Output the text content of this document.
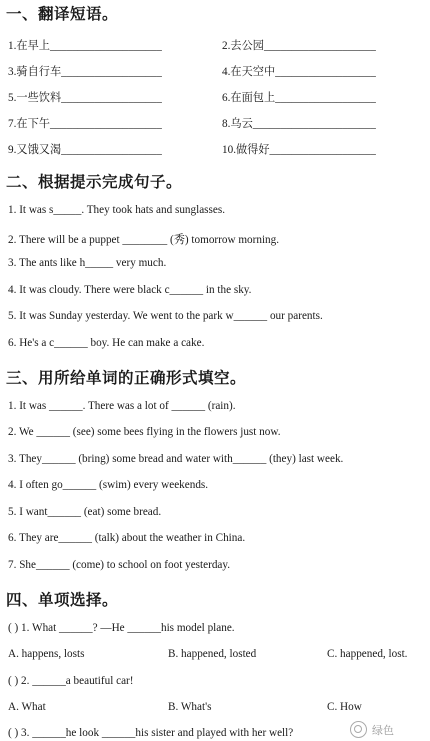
一、翻译短语。
1.在早上____________________	2.去公园____________________
3.骑自行车__________________	4.在天空中__________________
5.一些饮料__________________	6.在面包上__________________
7.在下午____________________	8.乌云______________________
9.又饿又渴__________________	10.做得好___________________
二、根据提示完成句子。
1. It was s_____. They took hats and sunglasses.
2. There will be a puppet ________ (秀) tomorrow morning.
3. The ants like h_____ very much.
4. It was cloudy. There were black c______ in the sky.
5. It was Sunday yesterday. We went to the park w______ our parents.
6. He's a c______ boy. He can make a cake.
三、用所给单词的正确形式填空。
1. It was ______. There was a lot of ______ (rain).
2. We ______ (see) some bees flying in the flowers just now.
3. They______ (bring) some bread and water with______ (they) last week.
4. I often go______ (swim) every weekends.
5. I want______ (eat) some bread.
6. They are______ (talk) about the weather in China.
7. She______ (come) to school on foot yesterday.
四、单项选择。
( ) 1. What ______? —He ______his model plane.
A. happens, losts	B. happened, losted	C. happened, lost.
( ) 2. ______a beautiful car!
A. What	B. What's	C. How
( ) 3. ______he look ______his sister and played with her well?	绿色
